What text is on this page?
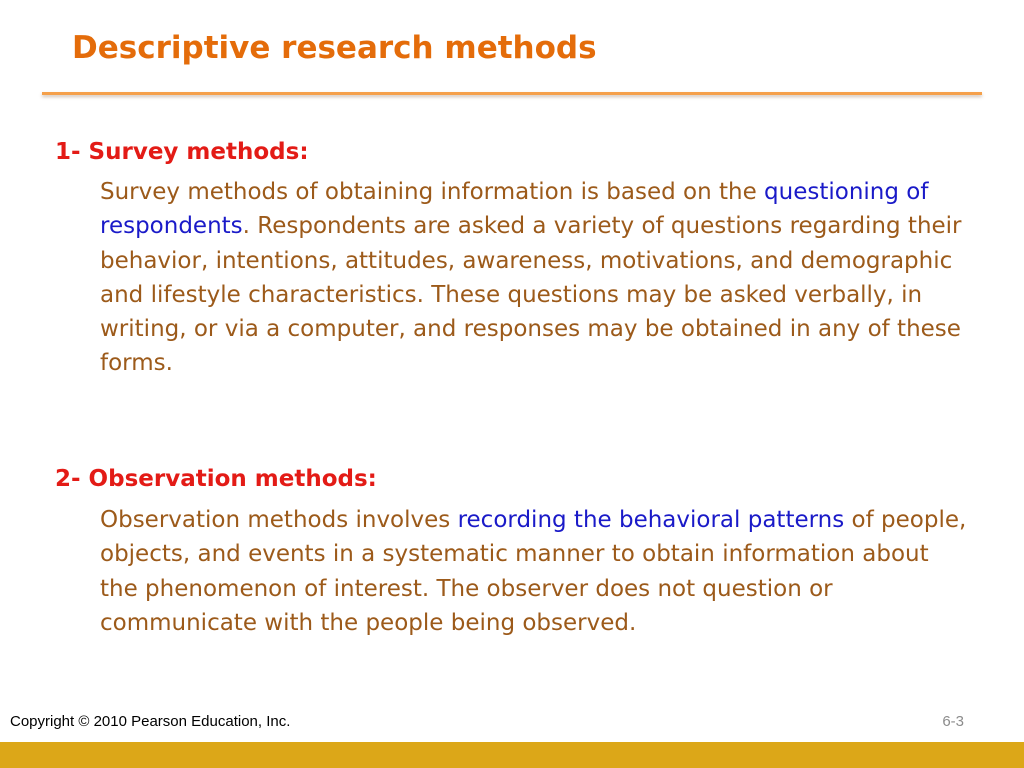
Descriptive research methods
1- Survey methods:

Survey methods of obtaining information is based on the questioning of respondents. Respondents are asked a variety of questions regarding their behavior, intentions, attitudes, awareness, motivations, and demographic and lifestyle characteristics. These questions may be asked verbally, in writing, or via a computer, and responses may be obtained in any of these forms.

2- Observation methods:

Observation methods involves recording the behavioral patterns of people, objects, and events in a systematic manner to obtain information about the phenomenon of interest. The observer does not question or communicate with the people being observed.

Copyright © 2010 Pearson Education, Inc.	6-3
